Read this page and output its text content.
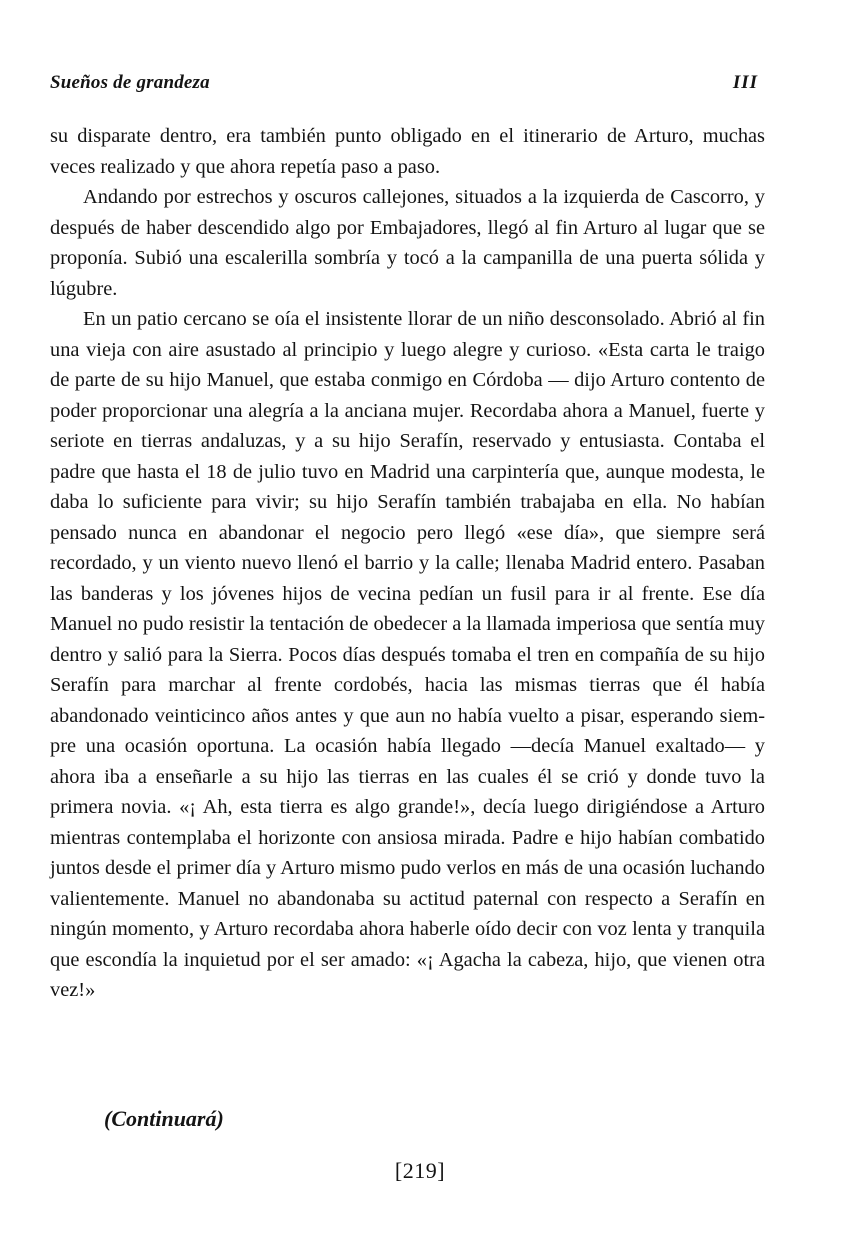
Sueños de grandeza	III

su disparate dentro, era también punto obligado en el itinerario de Arturo, muchas veces realizado y que ahora repetía paso a paso.

Andando por estrechos y oscuros callejones, situados a la izquierda de Cascorro, y después de haber descendido algo por Embajadores, llegó al fin Arturo al lugar que se proponía. Subió una escalerilla sombría y tocó a la campanilla de una puerta sólida y lúgubre.

En un patio cercano se oía el insistente llorar de un niño desconsolado. Abrió al fin una vieja con aire asustado al principio y luego alegre y curioso. «Esta carta le traigo de parte de su hijo Manuel, que estaba conmigo en Córdoba — dijo Arturo contento de poder proporcionar una alegría a la anciana mujer. Recordaba ahora a Manuel, fuerte y seriote en tierras andaluzas, y a su hijo Serafín, reservado y entusiasta. Contaba el padre que hasta el 18 de julio tuvo en Madrid una carpintería que, aunque modesta, le daba lo suficiente para vivir; su hijo Serafín también trabajaba en ella. No habían pensado nunca en abandonar el negocio pero llegó «ese día», que siempre será recordado, y un viento nuevo llenó el barrio y la calle; llenaba Madrid entero. Pasaban las banderas y los jóvenes hijos de vecina pedían un fusil para ir al frente. Ese día Manuel no pudo resistir la tentación de obedecer a la llamada imperiosa que sentía muy dentro y salió para la Sierra. Pocos días después tomaba el tren en compañía de su hijo Serafín para marchar al frente cordobés, hacia las mismas tierras que él había abandonado veinticinco años antes y que aun no había vuelto a pisar, esperando siempre una ocasión oportuna. La ocasión había llegado —decía Manuel exaltado— y ahora iba a enseñarle a su hijo las tierras en las cuales él se crió y donde tuvo la primera novia. «¡ Ah, esta tierra es algo grande!», decía luego dirigiéndose a Arturo mientras contemplaba el horizonte con ansiosa mirada. Padre e hijo habían combatido juntos desde el primer día y Arturo mismo pudo verlos en más de una ocasión luchando valientemente. Manuel no abandonaba su actitud paternal con respecto a Serafín en ningún momento, y Arturo recordaba ahora haberle oído decir con voz lenta y tranquila que escondía la inquietud por el ser amado: «¡ Agacha la cabeza, hijo, que vienen otra vez!»

(Continuará)
[219]
